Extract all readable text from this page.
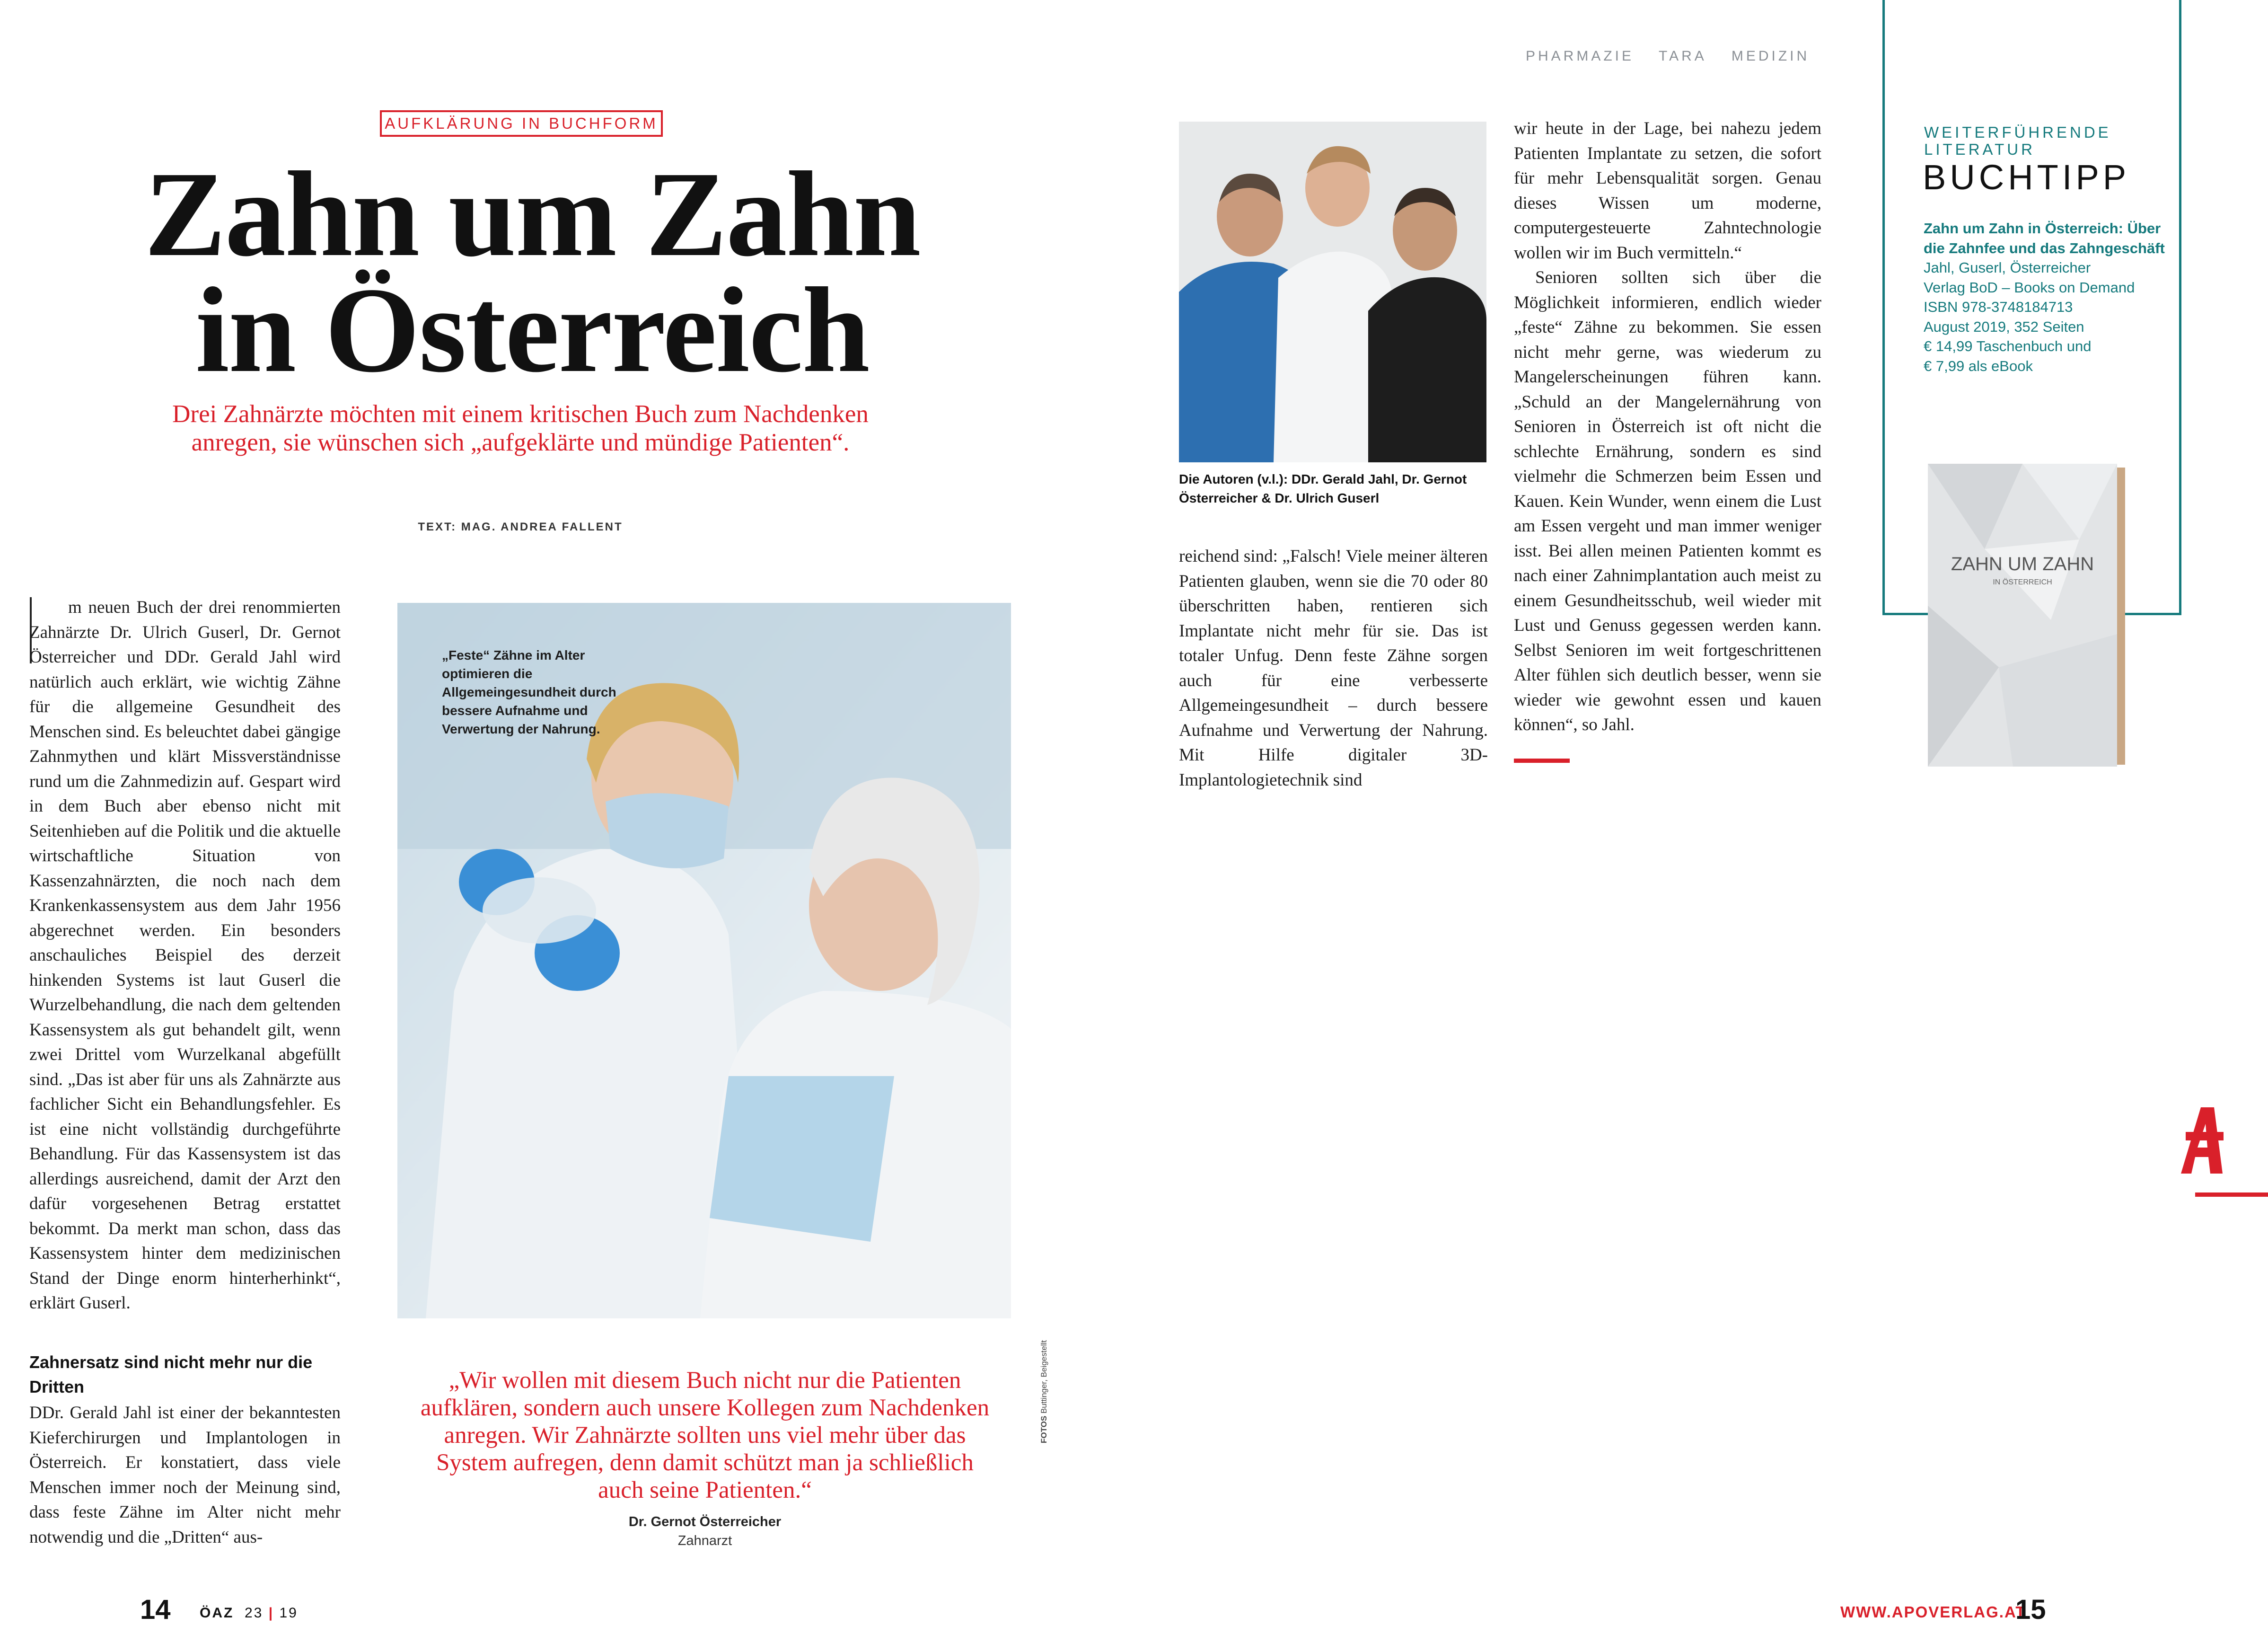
PHARMAZIE TARA MEDIZIN
AUFKLÄRUNG IN BUCHFORM
Zahn um Zahn
in Österreich
Drei Zahnärzte möchten mit einem kritischen Buch zum Nachdenken anregen, sie wünschen sich „aufgeklärte und mündige Patienten“.
TEXT: MAG. ANDREA FALLENT

m neuen Buch der drei renommierten Zahnärzte Dr. Ulrich Guserl, Dr. Gernot Österreicher und DDr. Gerald Jahl wird natürlich auch erklärt, wie wichtig Zähne für die allgemeine Gesundheit des Menschen sind. Es beleuchtet dabei gängige Zahnmythen und klärt Missverständnisse rund um die Zahnmedizin auf. Gespart wird in dem Buch aber ebenso nicht mit Seitenhieben auf die Politik und die aktuelle wirtschaftliche Situation von Kassenzahnärzten, die noch nach dem Krankenkassensystem aus dem Jahr 1956 abgerechnet werden. Ein besonders anschauliches Beispiel des derzeit hinkenden Systems ist laut Guserl die Wurzelbehandlung, die nach dem geltenden Kassensystem als gut behandelt gilt, wenn zwei Drittel vom Wurzelkanal abgefüllt sind. „Das ist aber für uns als Zahnärzte aus fachlicher Sicht ein Behandlungsfehler. Es ist eine nicht vollständig durchgeführte Behandlung. Für das Kassensystem ist das allerdings ausreichend, damit der Arzt den dafür vorgesehenen Betrag erstattet bekommt. Da merkt man schon, dass das Kassensystem hinter dem medizinischen Stand der Dinge enorm hinterherhinkt“, erklärt Guserl.

Zahnersatz sind nicht mehr nur die Dritten

DDr. Gerald Jahl ist einer der bekanntesten Kieferchirurgen und Implantologen in Österreich. Er konstatiert, dass viele Menschen immer noch der Meinung sind, dass feste Zähne im Alter nicht mehr notwendig und die „Dritten“ aus-

„Feste“ Zähne im Alter optimieren die Allgemeingesundheit durch bessere Aufnahme und Verwertung der Nahrung.
„Wir wollen mit diesem Buch nicht nur die Patienten aufklären, sondern auch unsere Kollegen zum Nachdenken anregen. Wir Zahnärzte sollten uns viel mehr über das System aufregen, denn damit schützt man ja schließlich auch seine Patienten.“
Dr. Gernot Österreicher
Zahnarzt
FOTOS Buttinger, Beigestellt
Die Autoren (v.l.): DDr. Gerald Jahl, Dr. Gernot Österreicher & Dr. Ulrich Guserl

reichend sind: „Falsch! Viele meiner älteren Patienten glauben, wenn sie die 70 oder 80 überschritten haben, rentieren sich Implantate nicht mehr für sie. Das ist totaler Unfug. Denn feste Zähne sorgen auch für eine verbesserte Allgemeingesundheit – durch bessere Aufnahme und Verwertung der Nahrung. Mit Hilfe digitaler 3D-Implantologietechnik sind

wir heute in der Lage, bei nahezu jedem Patienten Implantate zu setzen, die sofort für mehr Lebensqualität sorgen. Genau dieses Wissen um moderne, computergesteuerte Zahntechnologie wollen wir im Buch vermitteln.“

Senioren sollten sich über die Möglichkeit informieren, endlich wieder „feste“ Zähne zu bekommen. Sie essen nicht mehr gerne, was wiederum zu Mangelerscheinungen führen kann. „Schuld an der Mangelernährung von Senioren in Österreich ist oft nicht die schlechte Ernährung, sondern es sind vielmehr die Schmerzen beim Essen und Kauen. Kein Wunder, wenn einem die Lust am Essen vergeht und man immer weniger isst. Bei allen meinen Patienten kommt es nach einer Zahnimplantation auch meist zu einem Gesundheitsschub, weil wieder mit Lust und Genuss gegessen werden kann. Selbst Senioren im weit fortgeschrittenen Alter fühlen sich deutlich besser, wenn sie wieder wie gewohnt essen und kauen können“, so Jahl.

WEITERFÜHRENDE LITERATUR
BUCHTIPP
Zahn um Zahn in Österreich: Über die Zahnfee und das Zahngeschäft
Jahl, Guserl, Österreicher
Verlag BoD – Books on Demand
ISBN 978-3748184713
August 2019, 352 Seiten
€ 14,99 Taschenbuch und
€ 7,99 als eBook
ZAHN UM ZAHN
IN ÖSTERREICH
14 ÖAZ 23 | 19	WWW.APOVERLAG.AT
15
